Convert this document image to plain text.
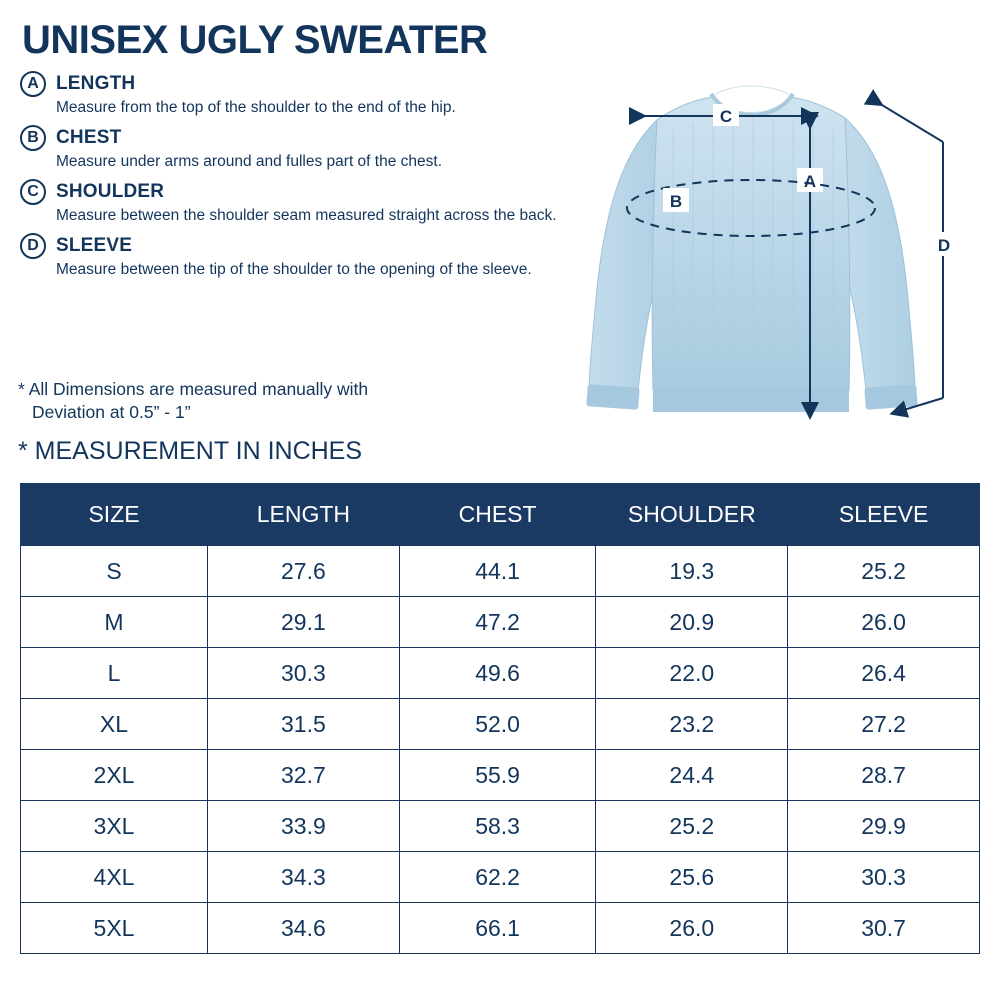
UNISEX UGLY SWEATER
A LENGTH
Measure from the top of the shoulder to the end of the hip.
B CHEST
Measure under arms around and fulles part of the chest.
C SHOULDER
Measure between the shoulder seam measured straight across the back.
D SLEEVE
Measure between the tip of the shoulder to the opening of the sleeve.
* All Dimensions are measured manually with
Deviation at 0.5” - 1”
* MEASUREMENT IN INCHES
C
A
B
D
SIZE	LENGTH	CHEST	SHOULDER	SLEEVE
S	27.6	44.1	19.3	25.2
M	29.1	47.2	20.9	26.0
L	30.3	49.6	22.0	26.4
XL	31.5	52.0	23.2	27.2
2XL	32.7	55.9	24.4	28.7
3XL	33.9	58.3	25.2	29.9
4XL	34.3	62.2	25.6	30.3
5XL	34.6	66.1	26.0	30.7
